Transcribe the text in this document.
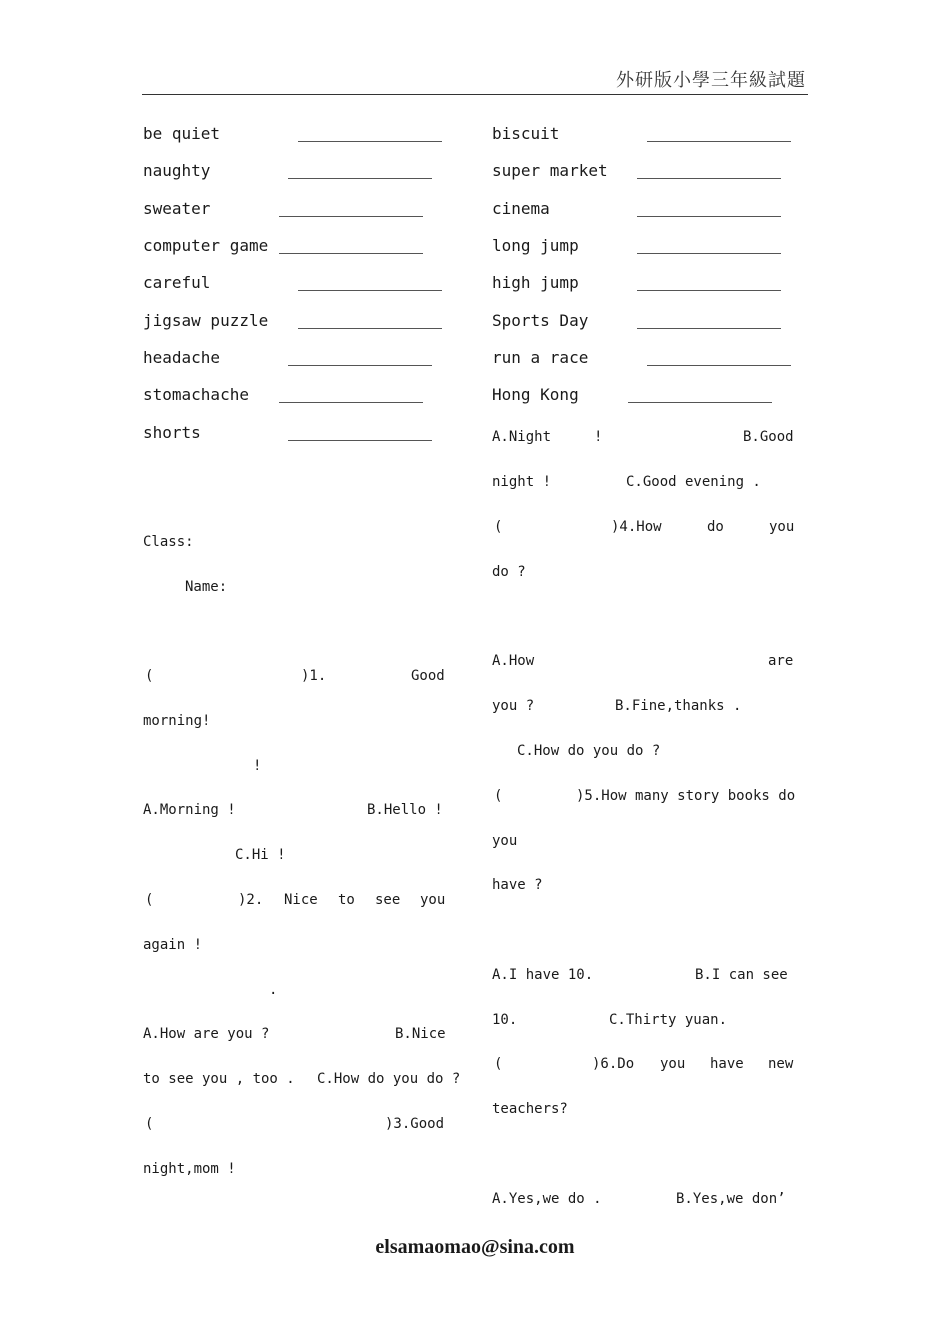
外研版小學三年級試題
be quiet
naughty
sweater
computer game
careful
jigsaw puzzle
headache
stomachache
shorts
biscuit
super market
cinema
long jump
high jump
Sports Day
run a race
Hong Kong
Class:
Name:
(	)1.	Good
morning!
!
A.Morning !	B.Hello !
C.Hi !
(	)2. Nice to see you
again !
.
A.How are you ?	B.Nice
to see you , too . C.How do you do ?
(	)3.Good
night,mom !
A.Night	!	B.Good
night !	C.Good evening .
(	)4.How	do	you
do ?
A.How	are
you ?	B.Fine,thanks .
C.How do you do ?
(	)5.How many story books do
you
have ?
A.I have 10.	B.I can see
10.	C.Thirty yuan.
(	)6.Do you have new
teachers?
A.Yes,we do .	B.Yes,we don’
elsamaomao@sina.com
